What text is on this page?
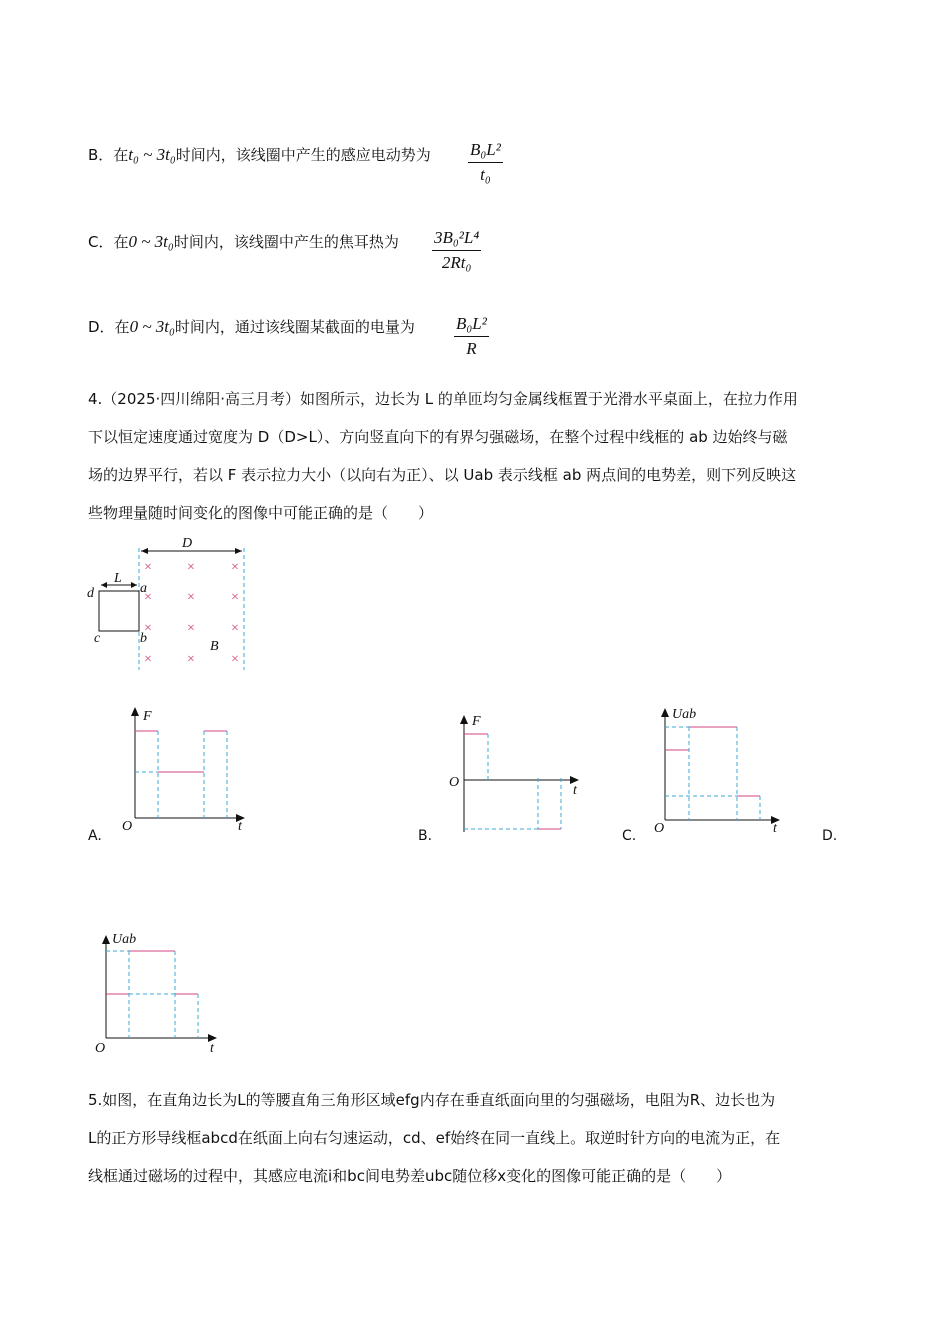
B．在t₀ ~ 3t₀时间内，该线圈中产生的感应电动势为 $\frac{\text{B₀L²}}{\text{t₀}}$
C．在0 ~ 3t₀时间内，该线圈中产生的焦耳热为 $\frac{\text{3B₀²L⁴}}{\text{2Rt₀}}$
D．在0 ~ 3t₀时间内，通过该线圈某截面的电量为 $\frac{\text{B₀L²}}{R}$
4.（2025·四川绵阳·高三月考）如图所示，边长为 L 的单匝均匀金属线框置于光滑水平桌面上，在拉力作用
下以恒定速度通过宽度为 D（D>L）、方向竖直向下的有界匀强磁场，在整个过程中线框的 ab 边始终与磁
场的边界平行，若以 F 表示拉力大小（以向右为正）、以 Uab 表示线框 ab 两点间的电势差，则下列反映这
些物理量随时间变化的图像中可能正确的是（　　）
D
L
d	a
c	b
×	×	×
×	×	×
×	×	×
×	×	×
B
F
O	t
A.
F
O
t
B.
Uab
O	t
C.	D.
Uab
O	t
5.如图，在直角边长为L的等腰直角三角形区域efg内存在垂直纸面向里的匀强磁场，电阻为R、边长也为
L的正方形导线框abcd在纸面上向右匀速运动，cd、ef始终在同一直线上。取逆时针方向的电流为正，在
线框通过磁场的过程中，其感应电流i和bc间电势差ubc随位移x变化的图像可能正确的是（　　）
